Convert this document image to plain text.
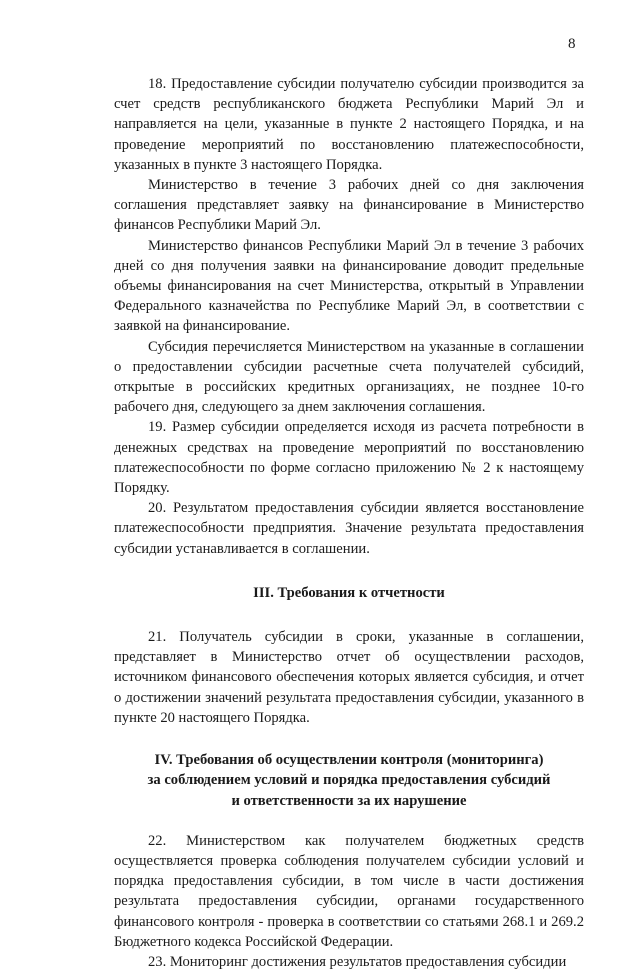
8

18. Предоставление субсидии получателю субсидии производится за счет средств республиканского бюджета Республики Марий Эл и направляется на цели, указанные в пункте 2 настоящего Порядка, и на проведение мероприятий по восстановлению платежеспособности, указанных в пункте 3 настоящего Порядка.

Министерство в течение 3 рабочих дней со дня заключения соглашения представляет заявку на финансирование в Министерство финансов Республики Марий Эл.

Министерство финансов Республики Марий Эл в течение 3 рабочих дней со дня получения заявки на финансирование доводит предельные объемы финансирования на счет Министерства, открытый в Управлении Федерального казначейства по Республике Марий Эл, в соответствии с заявкой на финансирование.

Субсидия перечисляется Министерством на указанные в соглашении о предоставлении субсидии расчетные счета получателей субсидий, открытые в российских кредитных организациях, не позднее 10-го рабочего дня, следующего за днем заключения соглашения.

19. Размер субсидии определяется исходя из расчета потребности в денежных средствах на проведение мероприятий по восстановлению платежеспособности по форме согласно приложению № 2 к настоящему Порядку.

20. Результатом предоставления субсидии является восстановление платежеспособности предприятия. Значение результата предоставления субсидии устанавливается в соглашении.

III. Требования к отчетности

21. Получатель субсидии в сроки, указанные в соглашении, представляет в Министерство отчет об осуществлении расходов, источником финансового обеспечения которых является субсидия, и отчет о достижении значений результата предоставления субсидии, указанного в пункте 20 настоящего Порядка.

IV. Требования об осуществлении контроля (мониторинга)

за соблюдением условий и порядка предоставления субсидий

и ответственности за их нарушение

22. Министерством как получателем бюджетных средств осуществляется проверка соблюдения получателем субсидии условий и порядка предоставления субсидии, в том числе в части достижения результата предоставления субсидии, органами государственного финансового контроля - проверка в соответствии со статьями 268.1 и 269.2 Бюджетного кодекса Российской Федерации.

23. Мониторинг достижения результатов предоставления субсидии
